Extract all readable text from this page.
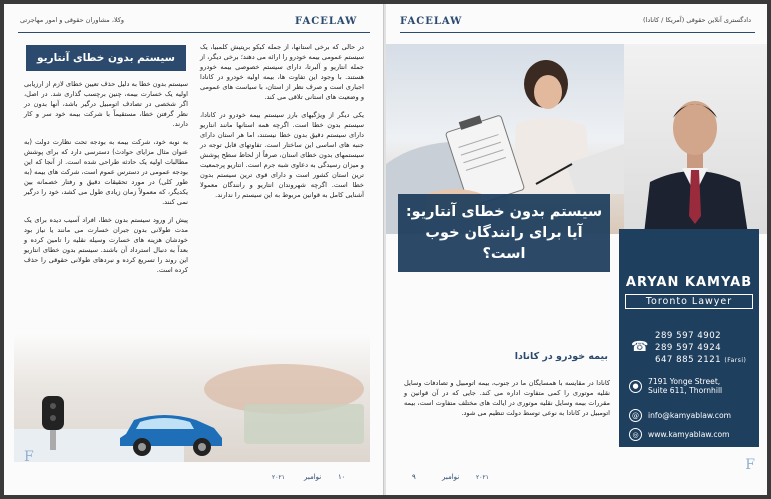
وکلا، مشاوران حقوقی و امور مهاجرتی	FACELAW
سیستم بدون خطای آنتاریو

سیستم بدون خطا به دلیل حذف تعیین خطای لازم از ارزیابی اولیه یک خسارت بیمه، چنین برچسب گذاری شد. در اصل، اگر شخصی در تصادف اتومبیل درگیر باشد، آنها بدون در نظر گرفتن خطا، مستقیماً با شرکت بیمه خود سر و کار دارند.

به نوبه خود، شرکت بیمه به بودجه تحت نظارت دولت (به عنوان مثال مزایای حوادث) دسترسی دارد که برای پوشش مطالبات اولیه یک حادثه طراحی شده است. از آنجا که این بودجه عمومی در دسترس عموم است، شرکت های بیمه (به طور کلی) در مورد تحقیقات دقیق و رفتار خصمانه بین یکدیگر، که معمولاً زمان زیادی طول می کشد، خود را درگیر نمی کنند.

پیش از ورود سیستم بدون خطا، افراد آسیب دیده برای یک مدت طولانی بدون جبران خسارت می مانند یا نیاز بود خودشان هزینه های خسارت وسیله نقلیه را تامین کرده و بعداً به دنبال استرداد آن باشند. سیستم بدون خطای انتاریو این روند را تسریع کرده و نبردهای طولانی حقوقی را حذف کرده است.

در حالی که برخی استانها، از جمله کبکو بریتیش کلمبیا، یک سیستم عمومی بیمه خودرو را ارائه می دهند؛ برخی دیگر، از جمله انتاریو و آلبرتا، دارای سیستم خصوصی بیمه خودرو هستند. با وجود این تفاوت ها، بیمه اولیه خودرو در کانادا اجباری است و صرف نظر از استان، با سیاست های عمومی و وضعیت های استانی تلاقی می کند.

یکی دیگر از ویژگیهای بارز سیستم بیمه خودرو در کانادا، سیستم بدون خطا است. اگرچه همه استانها مانند انتاریو دارای سیستم دقیق بدون خطا نیستند، اما هر استان دارای جنبه های اساسی این ساختار است. تفاوتهای قابل توجه در سیستمهای بدون خطای استان، صرفاً از لحاظ سطح پوشش و میزان رسیدگی به دعاوی شبه جرم است. انتاریو پرجمعیت ترین استان کشور است و دارای قوی ترین سیستم بدون خطا است. اگرچه شهروندان انتاریو و رانندگان معمولا آشنایی کامل به قوانین مربوط به این سیستم را ندارند.

F
۱۰
نوامبر
۲۰۲۱
FACELAW	دادگستری آنلاین حقوقی (آمریکا / کانادا)
سیستم بدون خطای آنتاریو: آیا برای رانندگان خوب است؟
ARYAN KAMYAB
Toronto Lawyer
☎
289 597 4902
289 597 4924
647 885 2121 (Farsi)
●	7191 Yonge Street,
Suite 611, Thornhill
@	info@kamyablaw.com
◎	www.kamyablaw.com
بیمه خودرو در کانادا
کانادا در مقایسه با همسایگان ما در جنوب، بیمه اتومبیل و تصادفات وسایل نقلیه موتوری را کمی متفاوت اداره می کند. جایی که در آن قوانین و مقررات بیمه وسایل نقلیه موتوری در ایالت های مختلف متفاوت است، بیمه اتومبیل در کانادا به نوعی توسط دولت تنظیم می شود.
F
۹	نوامبر	۲۰۲۱
